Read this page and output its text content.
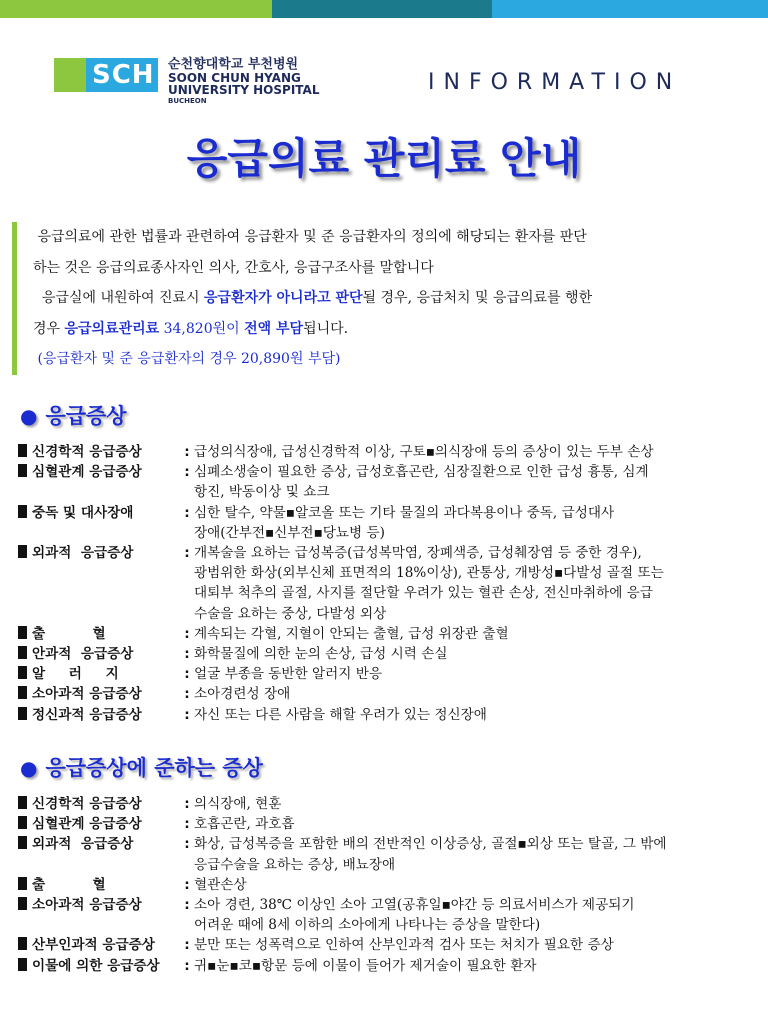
SCH 순천향대학교 부천병원
SOON CHUN HYANG
UNIVERSITY HOSPITAL
BUCHEON
INFORMATION
응급의료 관리료 안내

응급의료에 관한 법률과 관련하여 응급환자 및 준 응급환자의 정의에 해당되는 환자를 판단

하는 것은 응급의료종사자인 의사, 간호사, 응급구조사를 말합니다

응급실에 내원하여 진료시 응급환자가 아니라고 판단될 경우, 응급처치 및 응급의료를 행한

경우 응급의료관리료 34,820원이 전액 부담됩니다.

(응급환자 및 준 응급환자의 경우 20,890원 부담)

● 응급증상
신경학적 응급증상	: 급성의식장애, 급성신경학적 이상, 구토▪의식장애 등의 증상이 있는 두부 손상
심혈관계 응급증상	: 심폐소생술이 필요한 증상, 급성호흡곤란, 심장질환으로 인한 급성 흉통, 심계
항진, 박동이상 및 쇼크
중독 및 대사장애	: 심한 탈수, 약물▪알코올 또는 기타 물질의 과다복용이나 중독, 급성대사
장애(간부전▪신부전▪당뇨병 등)
외과적  응급증상	: 개복술을 요하는 급성복증(급성복막염, 장폐색증, 급성췌장염 등 중한 경우),
광범위한 화상(외부신체 표면적의 18%이상), 관통상, 개방성▪다발성 골절 또는
대퇴부 척추의 골절, 사지를 절단할 우려가 있는 혈관 손상, 전신마취하에 응급
수술을 요하는 중상, 다발성 외상
출          혈	: 계속되는 각혈, 지혈이 안되는 출혈, 급성 위장관 출혈
안과적  응급증상	: 화학물질에 의한 눈의 손상, 급성 시력 손실
알     러     지	: 얼굴 부종을 동반한 알러지 반응
소아과적 응급증상	: 소아경련성 장애
정신과적 응급증상	: 자신 또는 다른 사람을 해할 우려가 있는 정신장애
● 응급증상에 준하는 증상
신경학적 응급증상	: 의식장애, 현훈
심혈관계 응급증상	: 호흡곤란, 과호흡
외과적  응급증상	: 화상, 급성복증을 포함한 배의 전반적인 이상증상, 골절▪외상 또는 탈골, 그 밖에
응급수술을 요하는 증상, 배뇨장애
출          혈	: 혈관손상
소아과적 응급증상	: 소아 경련, 38℃ 이상인 소아 고열(공휴일▪야간 등 의료서비스가 제공되기
어려운 때에 8세 이하의 소아에게 나타나는 증상을 말한다)
산부인과적 응급증상	: 분만 또는 성폭력으로 인하여 산부인과적 검사 또는 처치가 필요한 증상
이물에 의한 응급증상	: 귀▪눈▪코▪항문 등에 이물이 들어가 제거술이 필요한 환자
